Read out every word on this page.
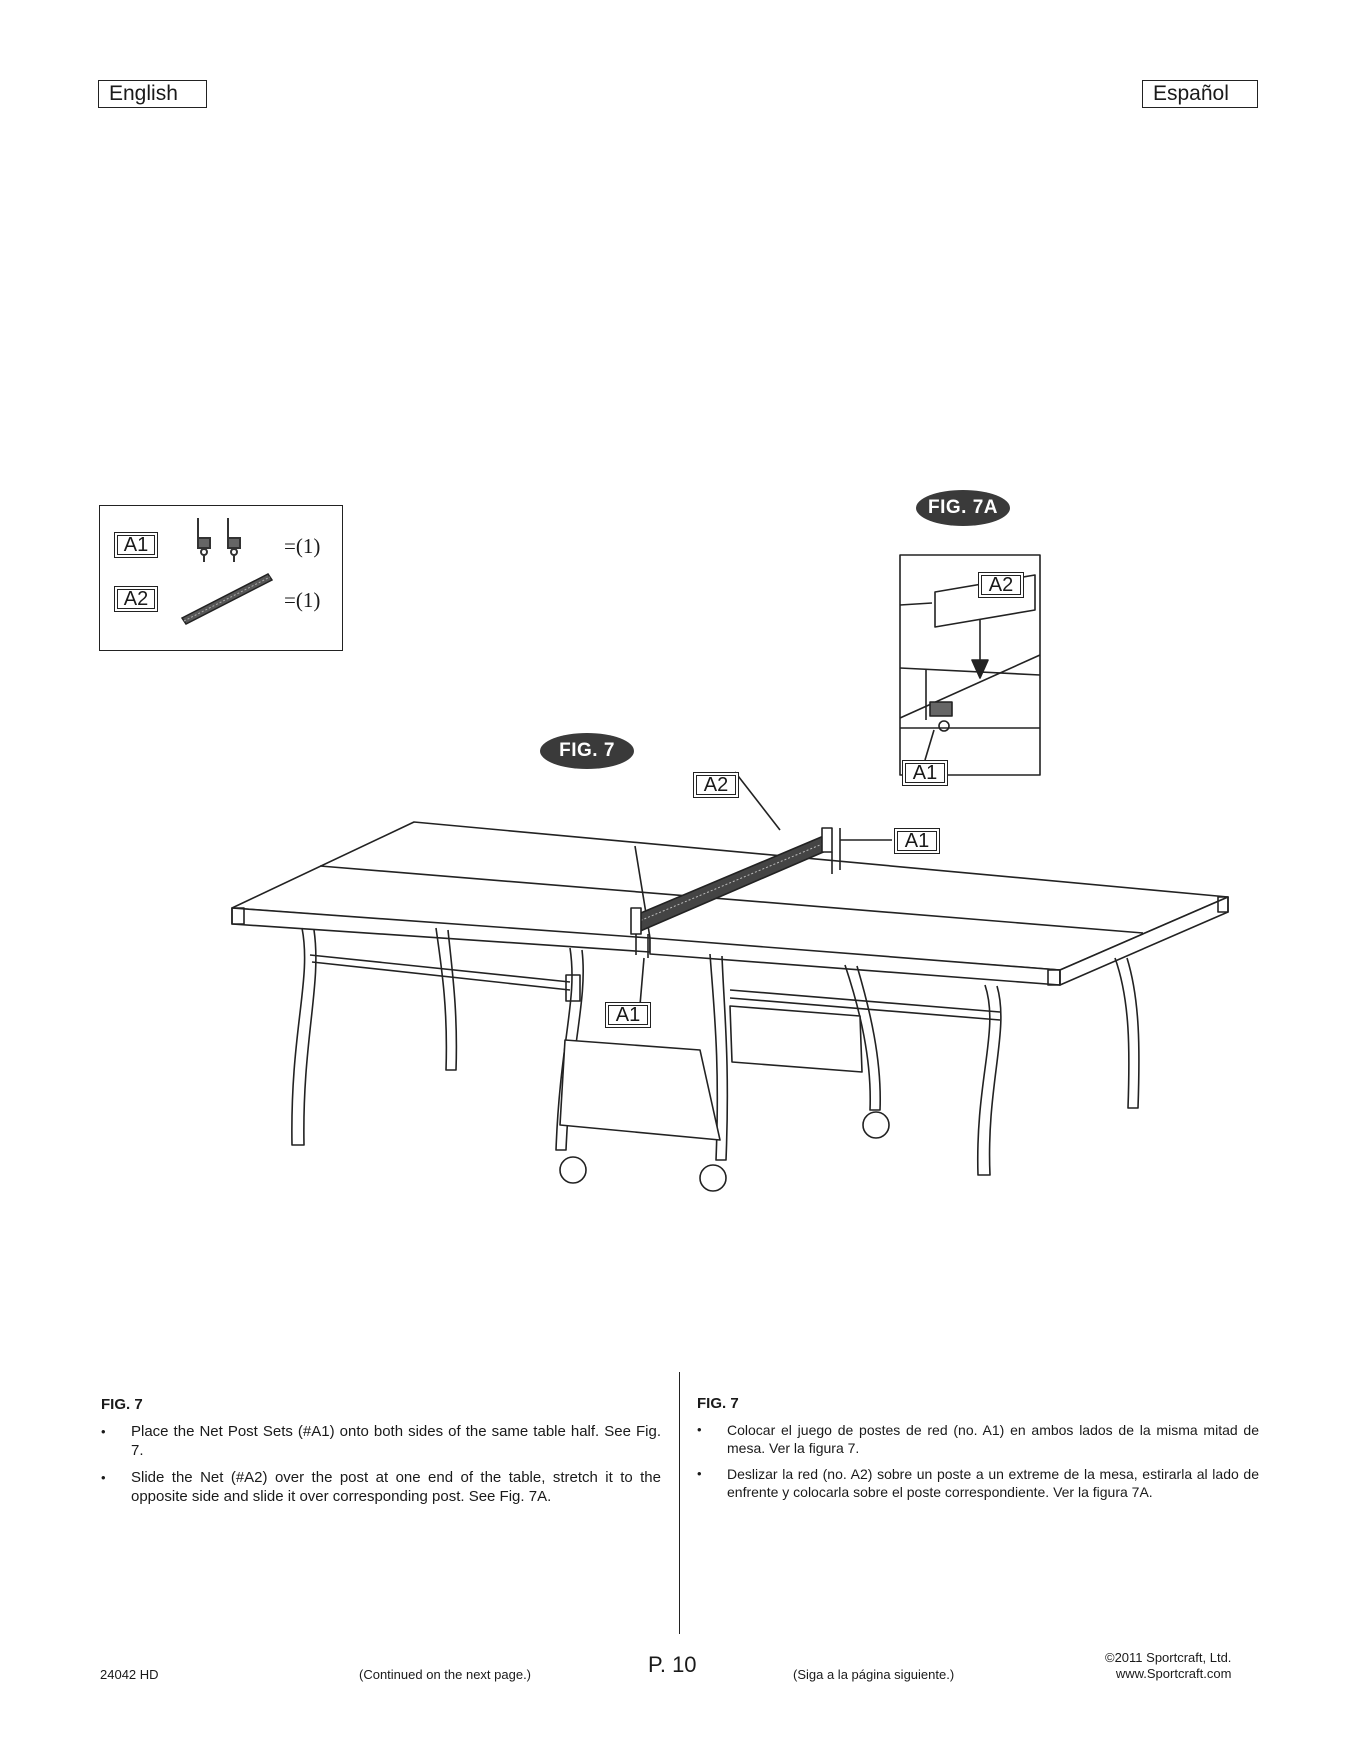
English	Español
A1	=(1)
A2	=(1)
FIG. 7
FIG. 7A
A2
A1
A1
A2
A1
FIG. 7
• Place the Net Post Sets (#A1) onto both sides of the same table half. See Fig. 7.
• Slide the Net (#A2) over the post at one end of the table, stretch it to the opposite side and slide it over corresponding post. See Fig. 7A.
FIG. 7
• Colocar el juego de postes de red (no. A1) en ambos lados de la misma mitad de mesa. Ver la figura 7.
• Deslizar la red (no. A2) sobre un poste a un extreme de la mesa, estirarla al lado de enfrente y colocarla sobre el poste correspondiente. Ver la figura 7A.
24042 HD	(Continued on the next page.)	P. 10	(Siga a la página siguiente.)
©2011 Sportcraft, Ltd.
www.Sportcraft.com
